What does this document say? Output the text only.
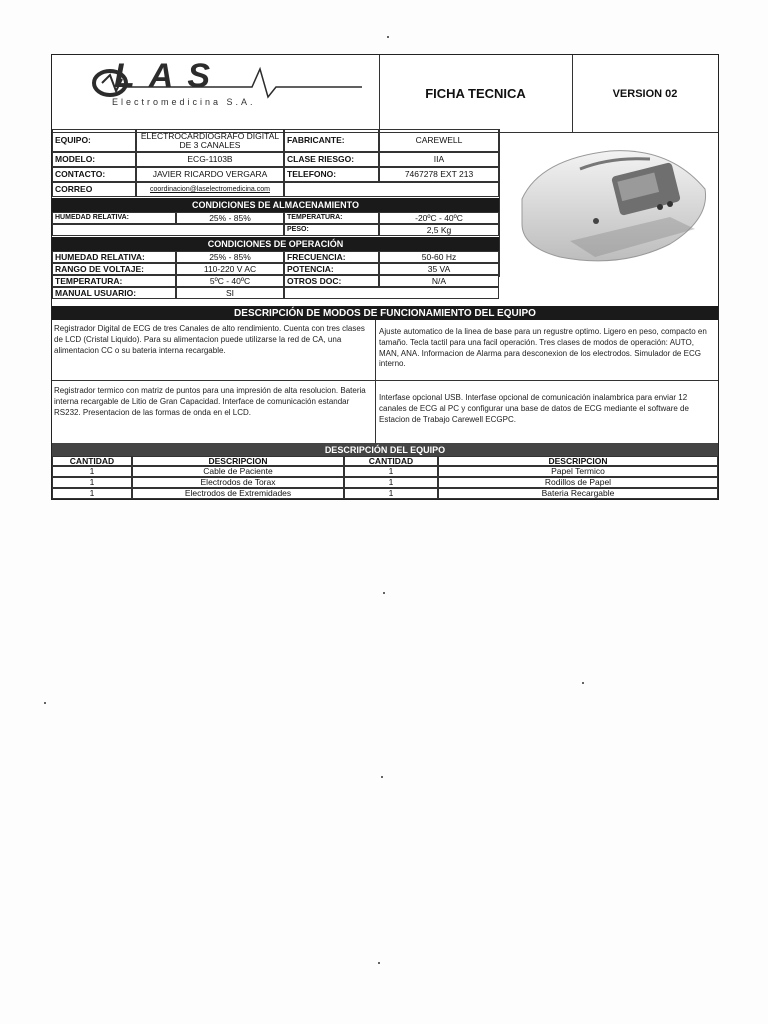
LAS
Electromedicina S.A.
FICHA TECNICA	VERSION 02
EQUIPO:	ELECTROCARDIOGRAFO DIGITAL DE 3 CANALES	FABRICANTE:	CAREWELL
MODELO:	ECG-1103B	CLASE RIESGO:	IIA
CONTACTO:	JAVIER RICARDO VERGARA	TELEFONO:	7467278 EXT 213
CORREO	coordinacion@laselectromedicina.com
CONDICIONES DE ALMACENAMIENTO
HUMEDAD RELATIVA:	25% - 85%	TEMPERATURA:	-20ºC - 40ºC
PESO:	2,5 Kg
CONDICIONES DE OPERACIÓN
HUMEDAD RELATIVA:	25% - 85%	FRECUENCIA:	50-60 Hz
RANGO DE VOLTAJE:	110-220 V AC	POTENCIA:	35 VA
TEMPERATURA:	5ºC - 40ºC	OTROS DOC:	N/A
MANUAL USUARIO:	SI
DESCRIPCIÓN DE MODOS DE FUNCIONAMIENTO DEL EQUIPO
Registrador Digital de ECG de tres Canales de alto rendimiento. Cuenta con tres clases de LCD (Cristal Liquido). Para su alimentacion puede utilizarse la red de CA, una alimentacion CC o su bateria interna recargable.
Ajuste automatico de la linea de base para un regustre optimo. Ligero en peso, compacto en tamaño. Tecla tactil para una facil operación. Tres clases de modos de operación: AUTO, MAN, ANA. Informacion de Alarma para desconexion de los electrodos. Simulador de ECG interno.
Registrador termico con matriz de puntos para una impresión de alta resolucion. Bateria interna recargable de Litio de Gran Capacidad. Interface de comunicación estandar RS232. Presentacion de las formas de onda en el LCD.
Interfase opcional USB. Interfase opcional de comunicación inalambrica para enviar 12 canales de ECG al PC y configurar una base de datos de ECG mediante el software de Estacion de Trabajo Carewell ECGPC.
DESCRIPCIÓN DEL EQUIPO
CANTIDAD	DESCRIPCION	CANTIDAD	DESCRIPCION
1	Cable de Paciente	1	Papel Termico
1	Electrodos de Torax	1	Rodillos de Papel
1	Electrodos de Extremidades	1	Bateria Recargable
